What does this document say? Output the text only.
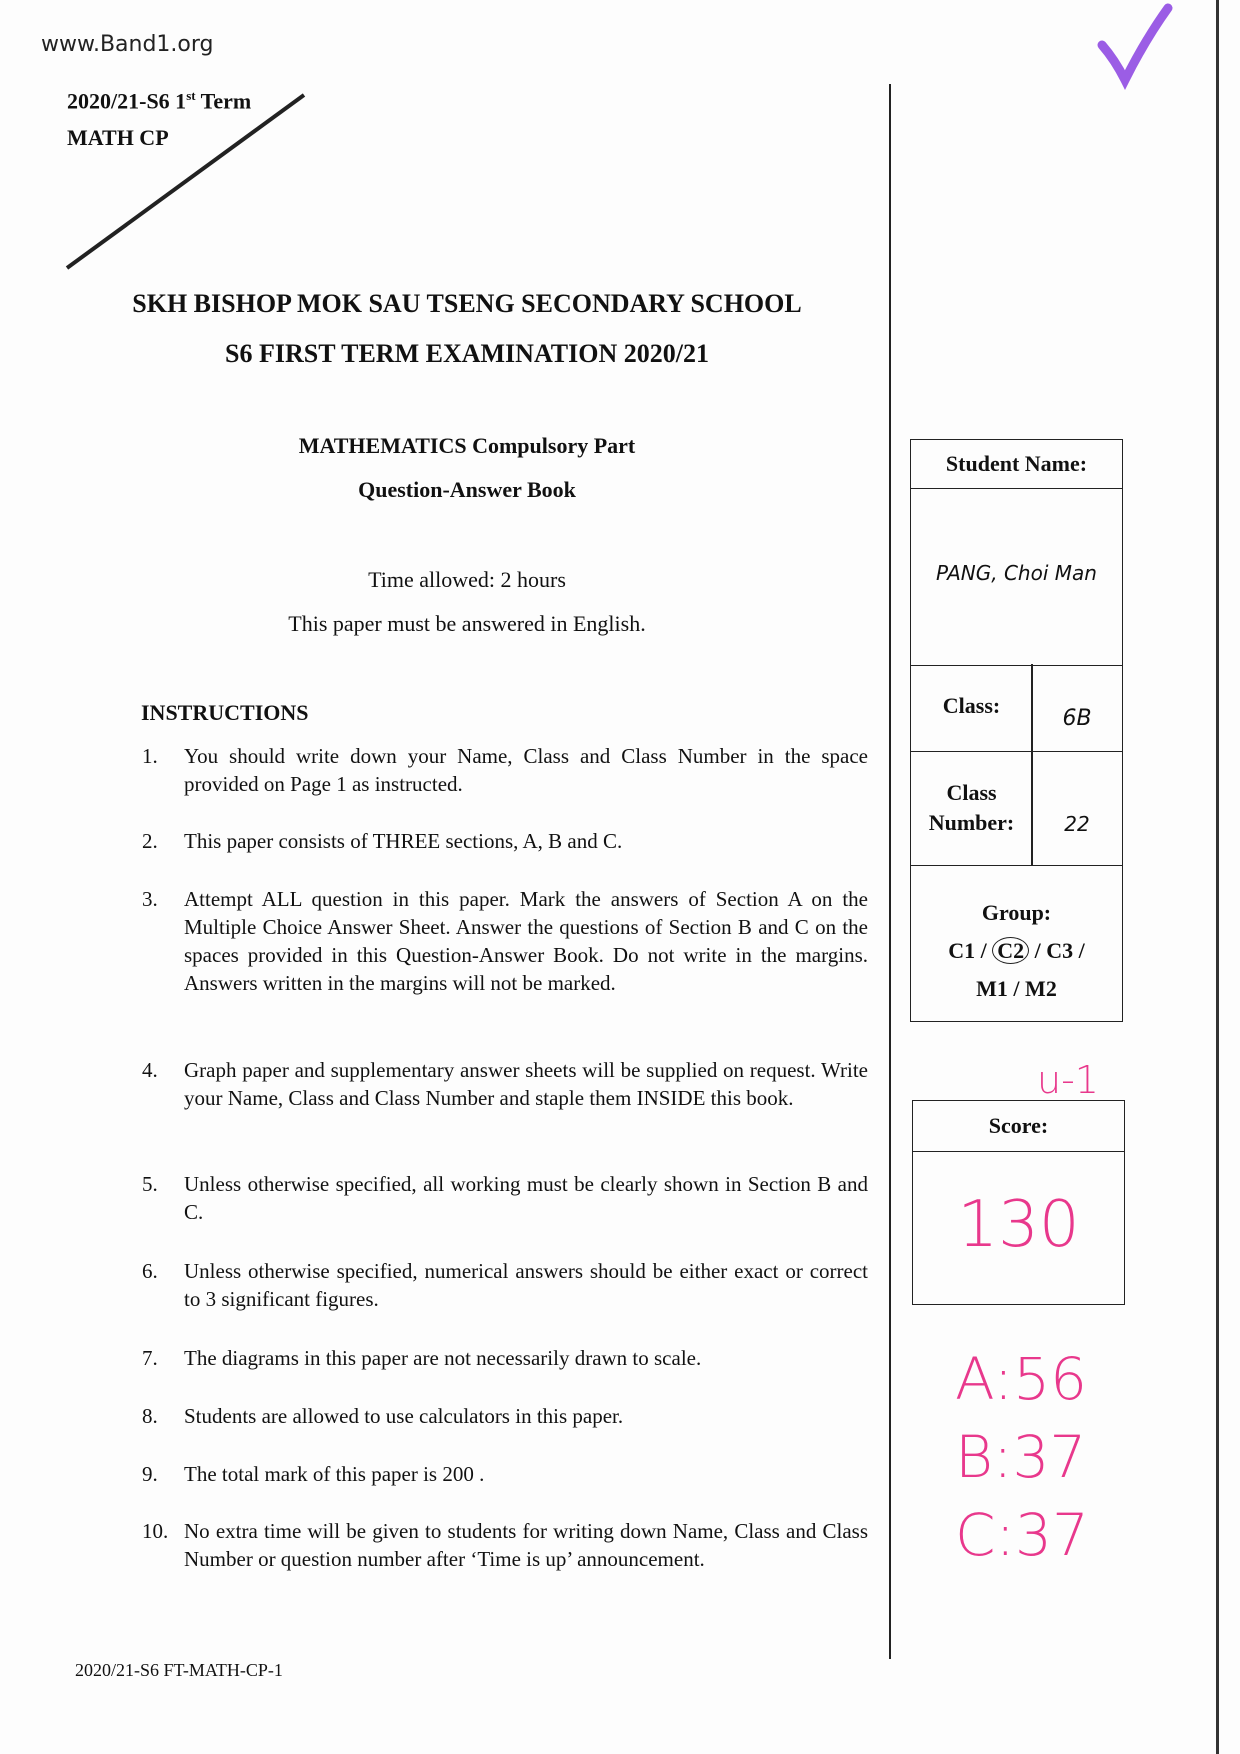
www.Band1.org
2020/21-S6 1st Term
MATH CP
SKH BISHOP MOK SAU TSENG SECONDARY SCHOOL
S6 FIRST TERM EXAMINATION 2020/21
MATHEMATICS Compulsory Part
Question-Answer Book
Time allowed: 2 hours
This paper must be answered in English.
INSTRUCTIONS
1.	You should write down your Name, Class and Class Number in the space provided on Page 1 as instructed.
2.	This paper consists of THREE sections, A, B and C.
3.	Attempt ALL question in this paper. Mark the answers of Section A on the Multiple Choice Answer Sheet. Answer the questions of Section B and C on the spaces provided in this Question-Answer Book. Do not write in the margins. Answers written in the margins will not be marked.
4.	Graph paper and supplementary answer sheets will be supplied on request. Write your Name, Class and Class Number and staple them INSIDE this book.
5.	Unless otherwise specified, all working must be clearly shown in Section B and C.
6.	Unless otherwise specified, numerical answers should be either exact or correct to 3 significant figures.
7.	The diagrams in this paper are not necessarily drawn to scale.
8.	Students are allowed to use calculators in this paper.
9.	The total mark of this paper is 200 .
10. No extra time will be given to students for writing down Name, Class and Class Number or question number after ‘Time is up’ announcement.
2020/21-S6 FT-MATH-CP-1
Student Name:
PANG, Choi Man
Class:
6B
Class
Number:	22
Group:
C1 / C2 / C3 /
M1 / M2
u-1
Score:
130
A:56
B:37
C:37
